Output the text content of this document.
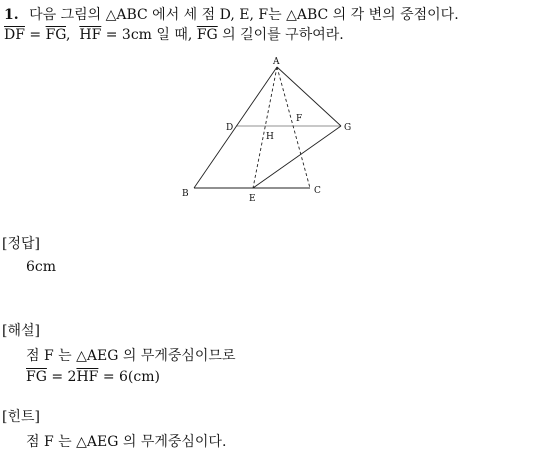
1. 다음 그림의 △ABC 에서 세 점 D, E, F는 △ABC 의 각 변의 중점이다.
$\overline{DF} = \overline{FG}$,  $\overline{HF} = 3cm$ 일 때, $\overline{FG}$ 의 길이를 구하여라.
A
B	C
D
E
F
G
H
[정답]
6cm
[해설]
점 F 는 △AEG 의 무게중심이므로
$\overline{FG} = 2\overline{HF} = 6(cm)$
[힌트]
점 F 는 △AEG 의 무게중심이다.
